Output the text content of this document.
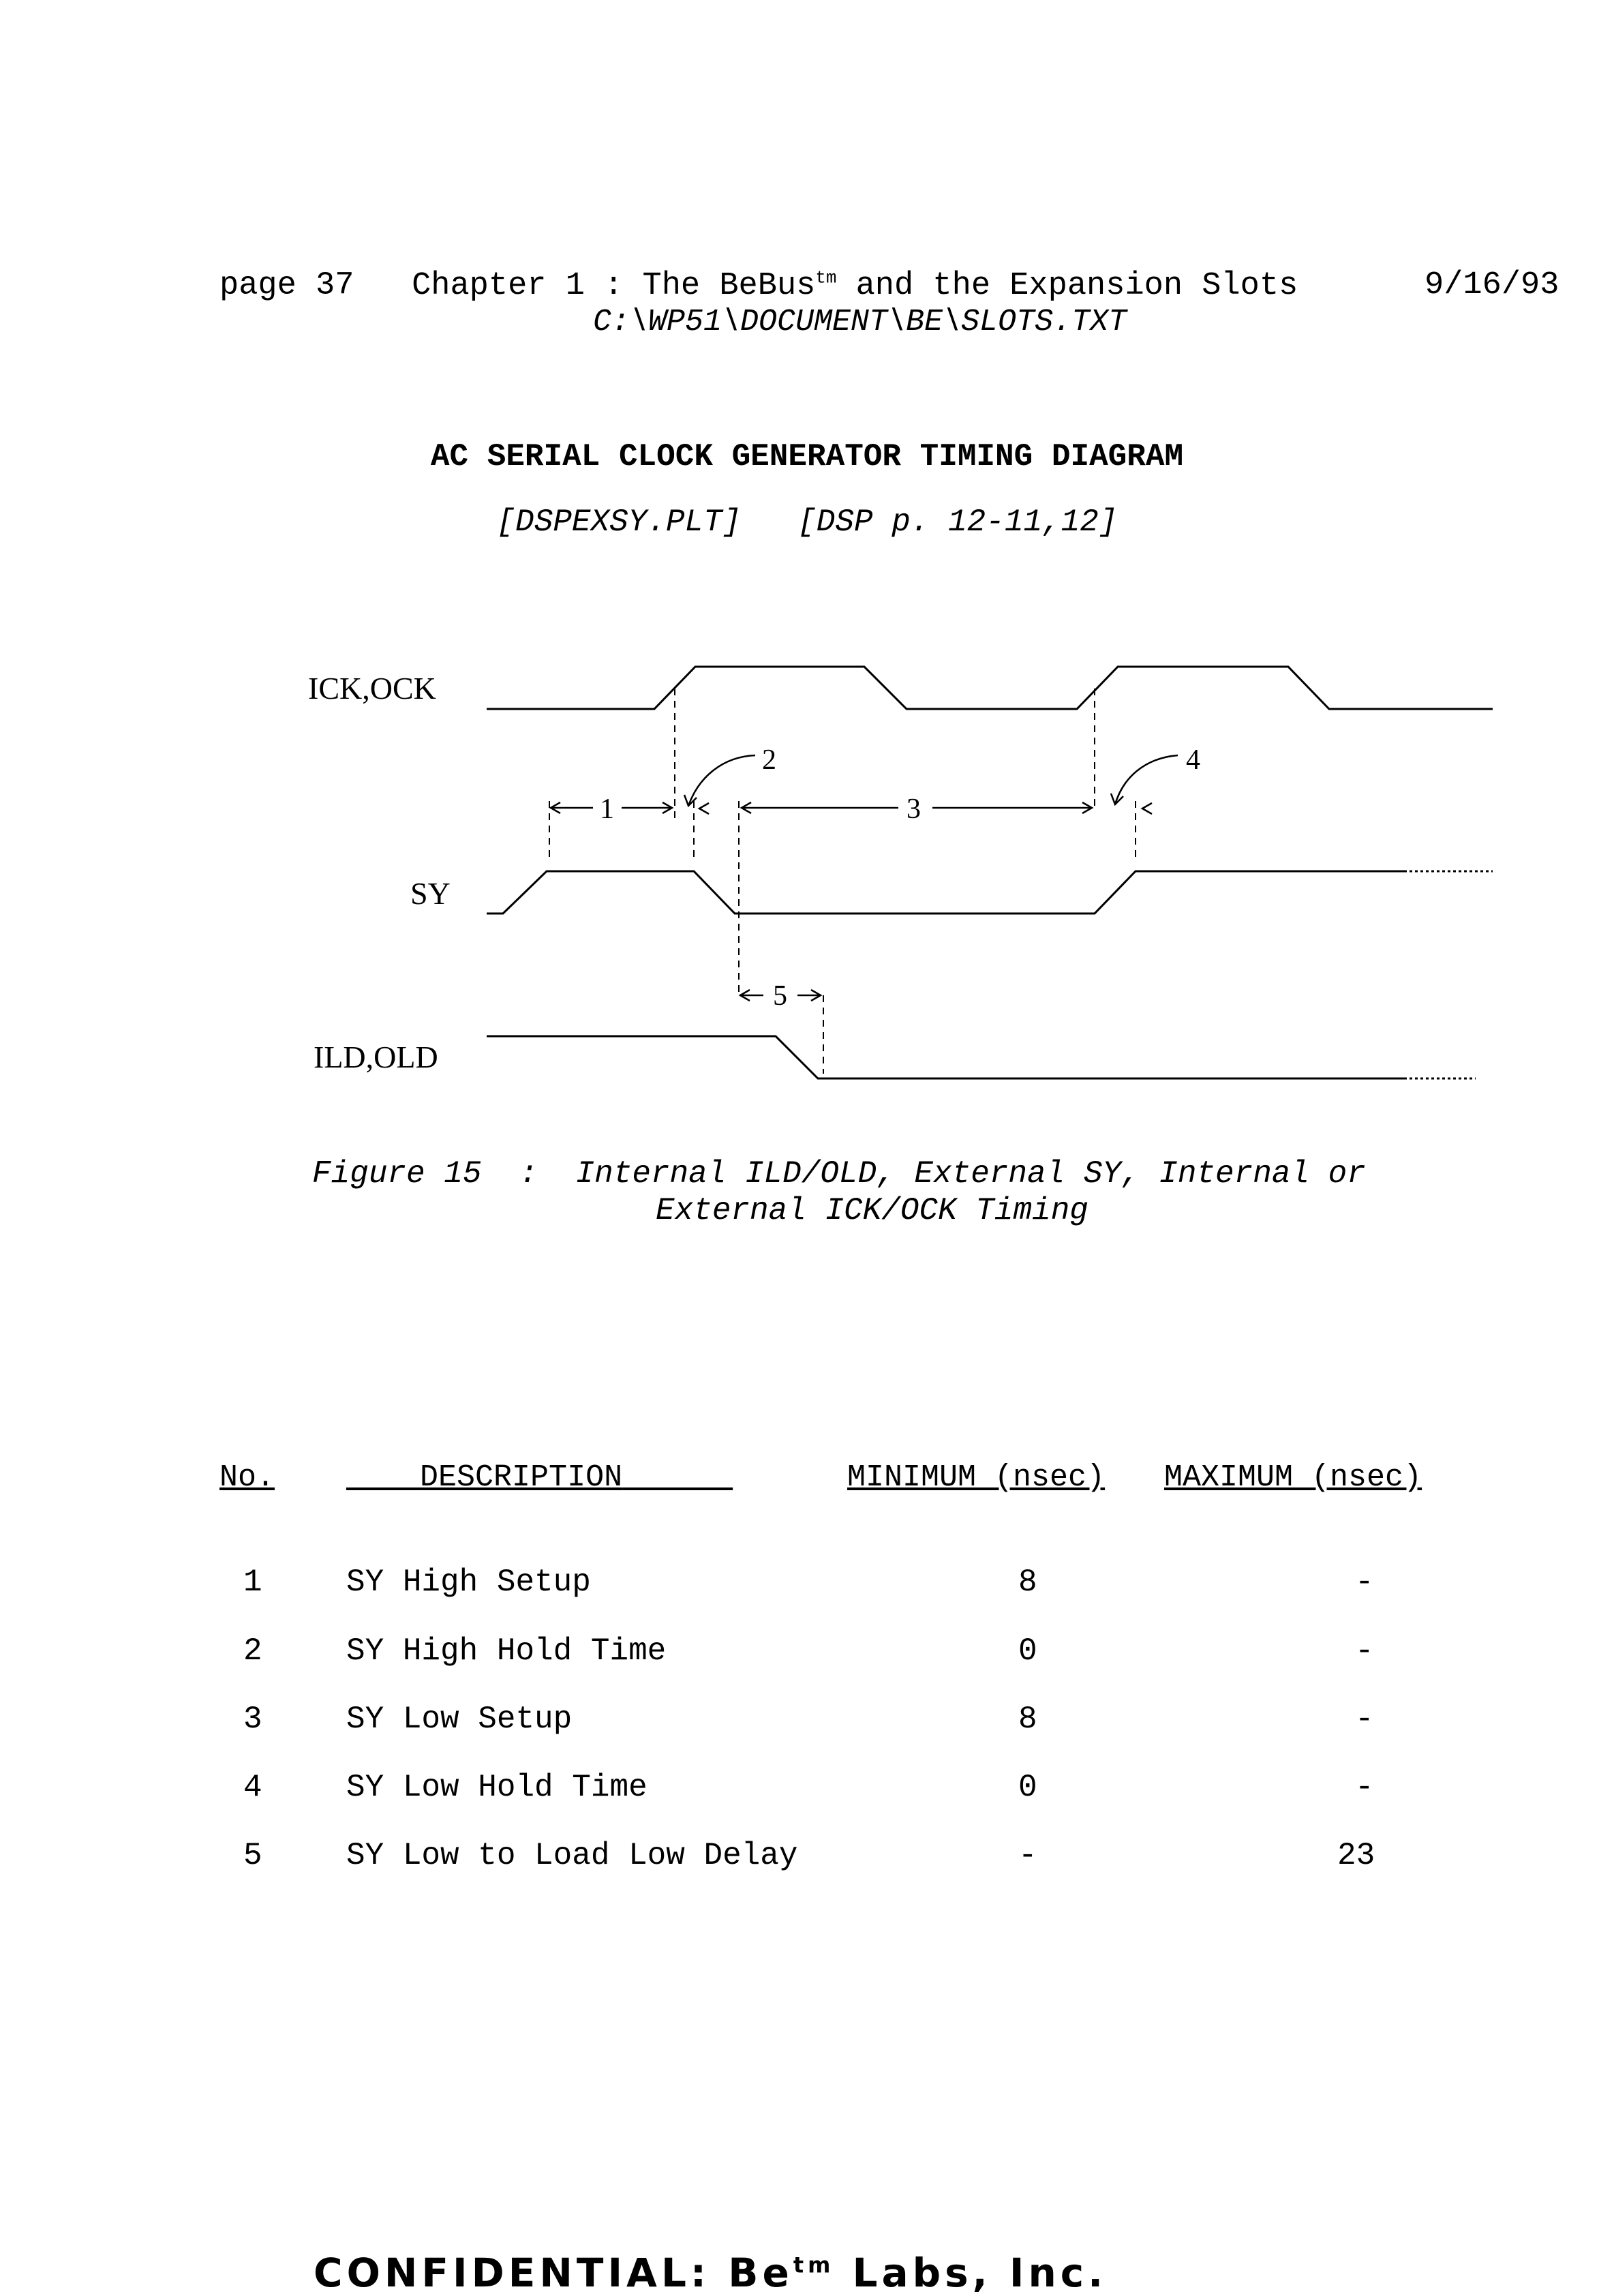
page 37 Chapter 1 : The BeBus$^{tm}$ and the Expansion Slots	9/16/93
C:\WP51\DOCUMENT\BE\SLOTS.TXT
AC SERIAL CLOCK GENERATOR TIMING DIAGRAM
[DSPEXSY.PLT] [DSP p. 12-11,12]
ICK,OCK
SY
ILD,OLD
1
2
3
4
5
Figure 15 : Internal ILD/OLD, External SY, Internal or
External ICK/OCK Timing
No.	DESCRIPTION	MINIMUM (nsec) MAXIMUM (nsec)
1	SY High Setup	8	-
2	SY High Hold Time	0	-
3	SY Low Setup	8	-
4	SY Low Hold Time	0	-
5	SY Low to Load Low Delay	-	23
CONFIDENTIAL: $Be^{tm}$ Labs, Inc.
